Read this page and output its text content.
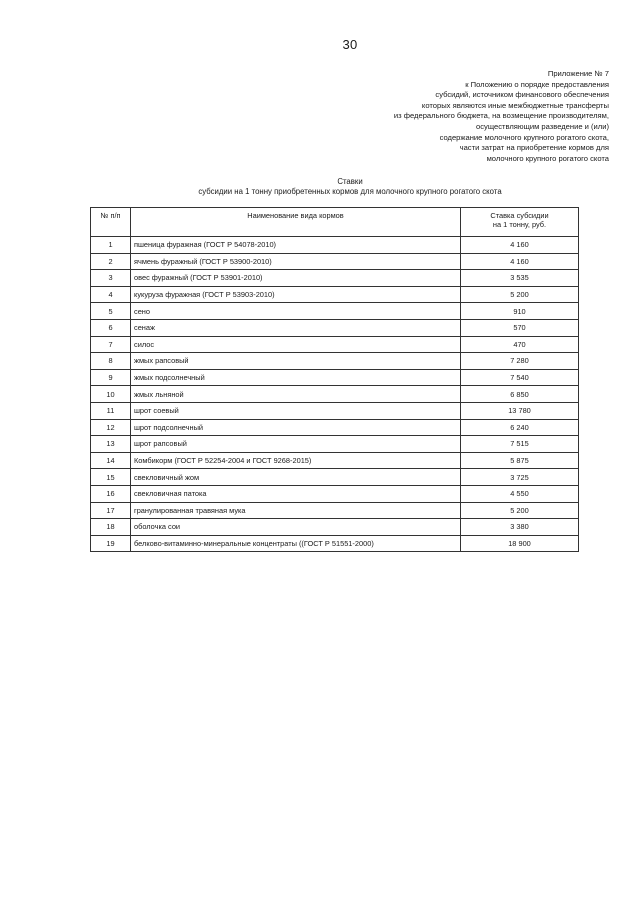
30
Приложение № 7
к Положению о порядке предоставления
субсидий, источником финансового обеспечения
которых являются иные межбюджетные трансферты
из федерального бюджета, на возмещение производителям,
осуществляющим разведение и (или)
содержание молочного крупного рогатого скота,
части затрат на приобретение кормов для
молочного крупного рогатого скота
Ставки
субсидии на 1 тонну приобретенных кормов для молочного крупного рогатого скота
№ п/п	Наименование вида кормов	Ставка субсидии
на 1 тонну, руб.

1	пшеница фуражная (ГОСТ Р 54078-2010)	4 160
2	ячмень фуражный (ГОСТ Р 53900-2010)	4 160
3	овес фуражный (ГОСТ Р 53901-2010)	3 535
4	кукуруза фуражная (ГОСТ Р 53903-2010)	5 200
5	сено	910
6	сенаж	570
7	силос	470
8	жмых рапсовый	7 280
9	жмых подсолнечный	7 540
10	жмых льняной	6 850
11	шрот соевый	13 780
12	шрот подсолнечный	6 240
13	шрот рапсовый	7 515
14	Комбикорм (ГОСТ Р 52254-2004 и ГОСТ 9268-2015)	5 875
15	свекловичный жом	3 725
16	свекловичная патока	4 550
17	гранулированная травяная мука	5 200
18	оболочка сои	3 380
19	белково-витаминно-минеральные концентраты ((ГОСТ Р 51551-2000)	18 900
